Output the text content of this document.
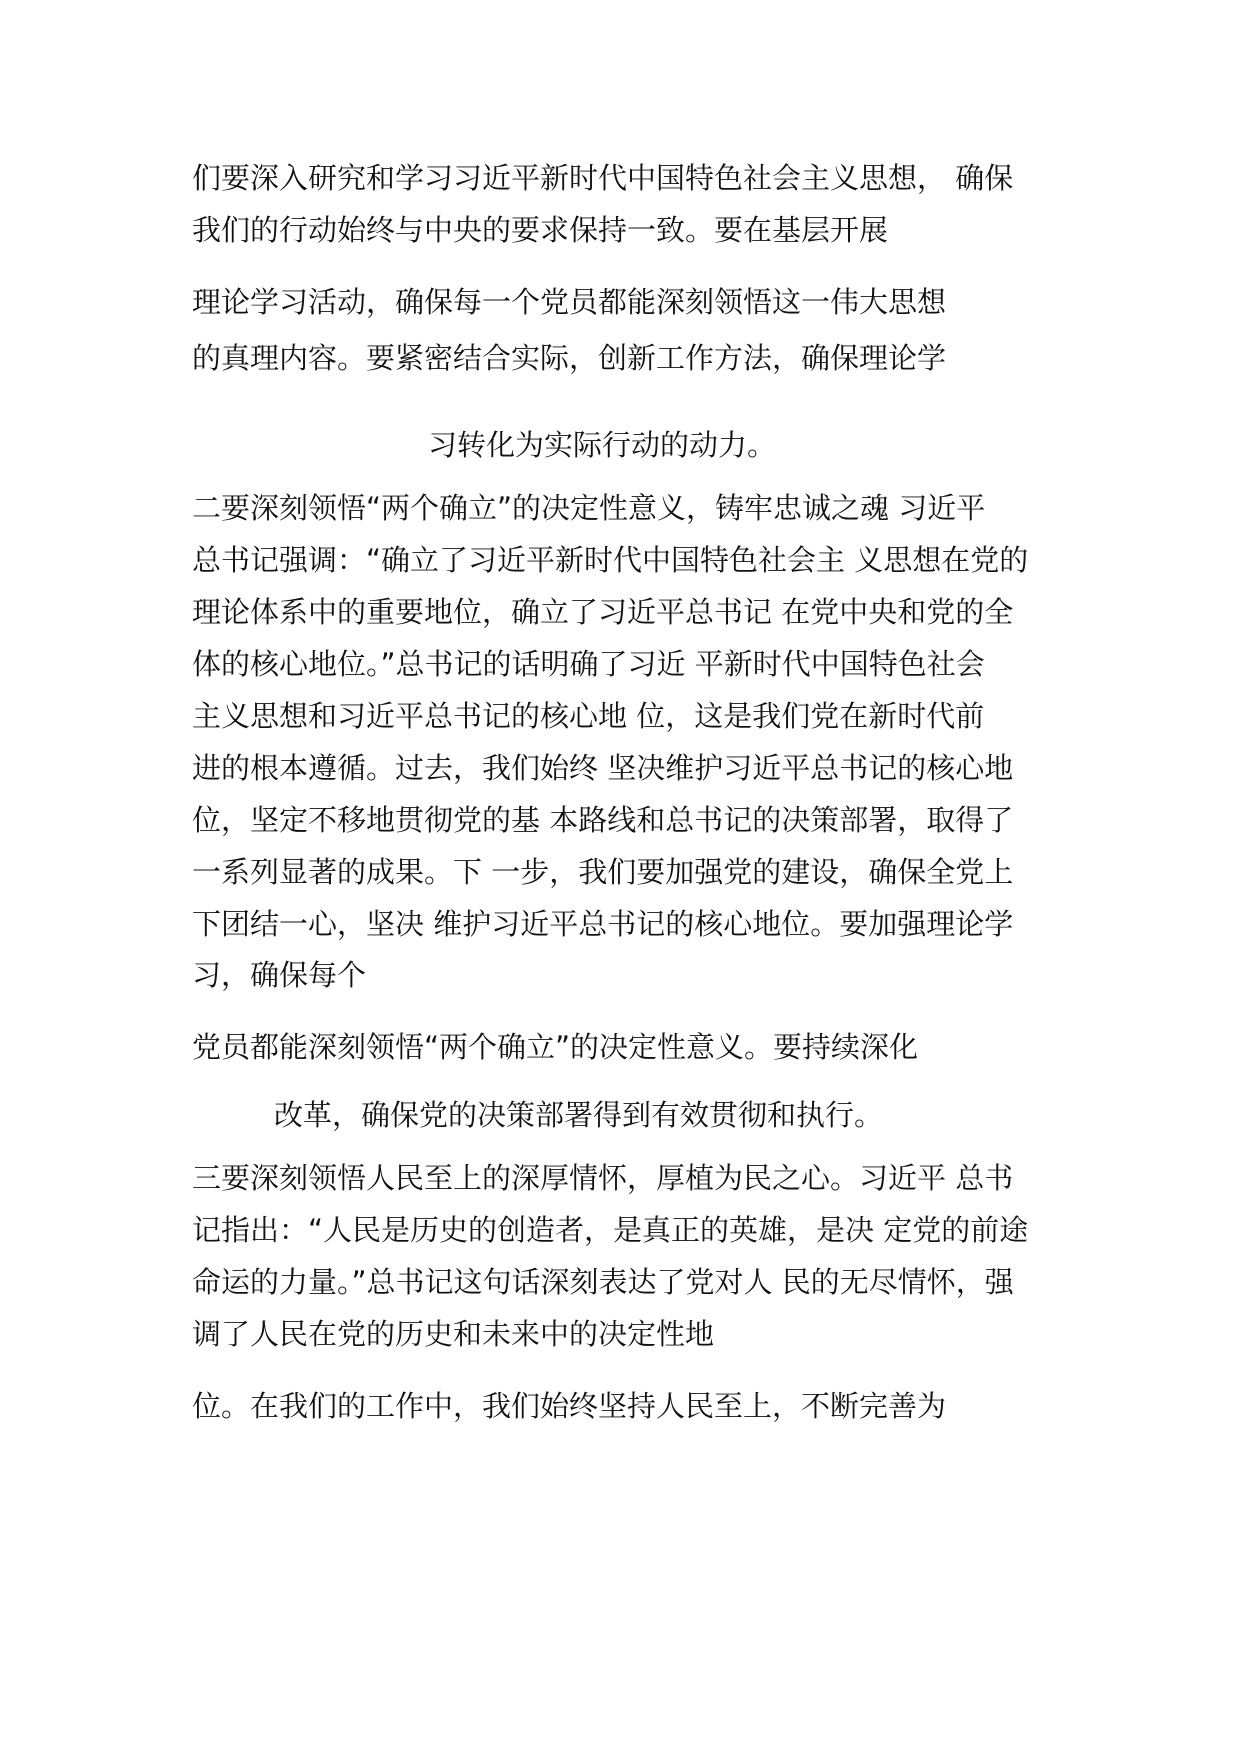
们要深入研究和学习习近平新时代中国特色社会主义思想， 确保
我们的行动始终与中央的要求保持一致。要在基层开展
理论学习活动，确保每一个党员都能深刻领悟这一伟大思想
的真理内容。要紧密结合实际，创新工作方法，确保理论学
习转化为实际行动的动力。
二要深刻领悟“两个确立”的决定性意义，铸牢忠诚之魂 习近平
总书记强调：“确立了习近平新时代中国特色社会主 义思想在党的
理论体系中的重要地位，确立了习近平总书记 在党中央和党的全
体的核心地位。”总书记的话明确了习近 平新时代中国特色社会
主义思想和习近平总书记的核心地 位，这是我们党在新时代前
进的根本遵循。过去，我们始终 坚决维护习近平总书记的核心地
位，坚定不移地贯彻党的基 本路线和总书记的决策部署，取得了
一系列显著的成果。下 一步，我们要加强党的建设，确保全党上
下团结一心，坚决 维护习近平总书记的核心地位。要加强理论学
习，确保每个
党员都能深刻领悟“两个确立”的决定性意义。要持续深化
改革，确保党的决策部署得到有效贯彻和执行。
三要深刻领悟人民至上的深厚情怀，厚植为民之心。习近平 总书
记指出：“人民是历史的创造者，是真正的英雄，是决 定党的前途
命运的力量。”总书记这句话深刻表达了党对人 民的无尽情怀，强
调了人民在党的历史和未来中的决定性地
位。在我们的工作中，我们始终坚持人民至上，不断完善为
